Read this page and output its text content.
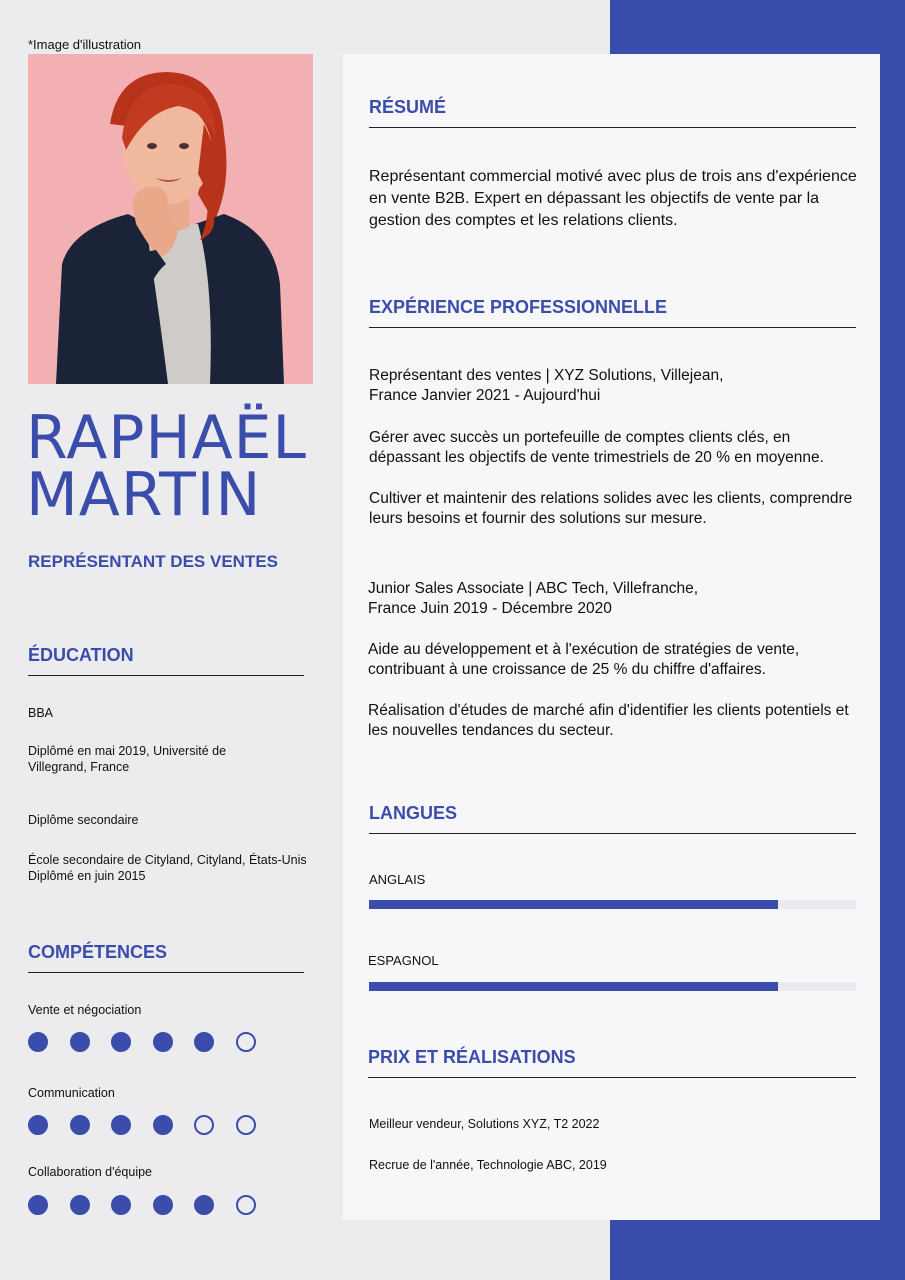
*Image d'illustration
RAPHAËL
MARTIN
REPRÉSENTANT DES VENTES
ÉDUCATION
BBA
Diplômé en mai 2019, Université de Villegrand, France
Diplôme secondaire
École secondaire de Cityland, Cityland, États-Unis
Diplômé en juin 2015
COMPÉTENCES
Vente et négociation
Communication
Collaboration d'équipe
RÉSUMÉ
Représentant commercial motivé avec plus de trois ans d'expérience en vente B2B. Expert en dépassant les objectifs de vente par la gestion des comptes et les relations clients.
EXPÉRIENCE PROFESSIONNELLE
Représentant des ventes | XYZ Solutions, Villejean,
France Janvier 2021 - Aujourd'hui
Gérer avec succès un portefeuille de comptes clients clés, en dépassant les objectifs de vente trimestriels de 20 % en moyenne.
Cultiver et maintenir des relations solides avec les clients, comprendre leurs besoins et fournir des solutions sur mesure.
Junior Sales Associate | ABC Tech, Villefranche,
France Juin 2019 - Décembre 2020
Aide au développement et à l'exécution de stratégies de vente, contribuant à une croissance de 25 % du chiffre d'affaires.
Réalisation d'études de marché afin d'identifier les clients potentiels et les nouvelles tendances du secteur.
LANGUES
ANGLAIS
ESPAGNOL
PRIX ET RÉALISATIONS
Meilleur vendeur, Solutions XYZ, T2 2022
Recrue de l'année, Technologie ABC, 2019
